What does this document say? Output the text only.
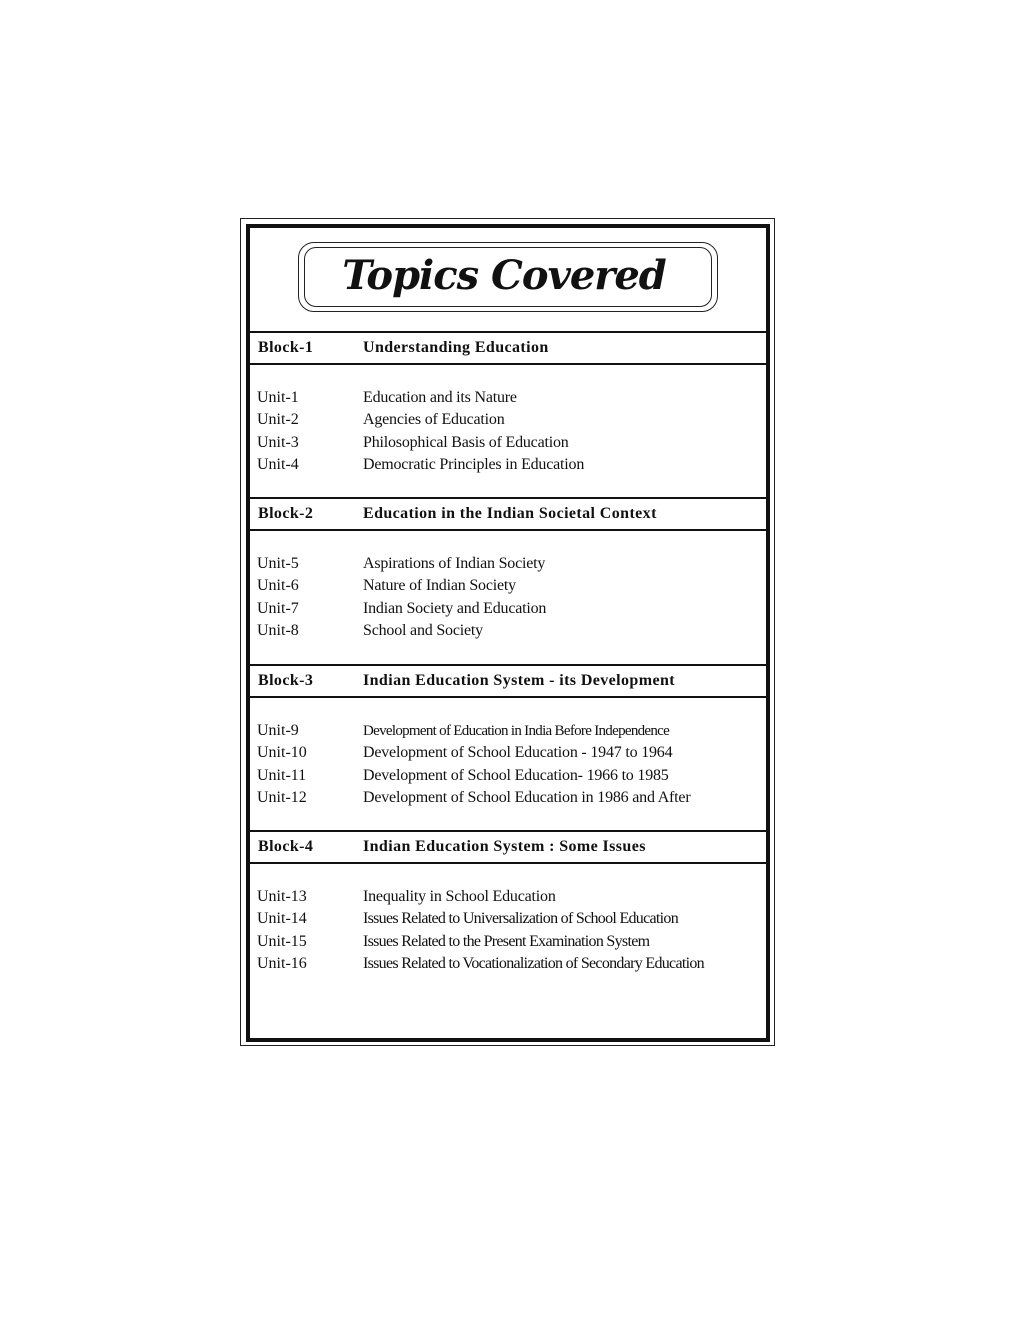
Topics Covered
Block-1	Understanding Education
Unit-1	Education and its Nature
Unit-2	Agencies of Education
Unit-3	Philosophical Basis of Education
Unit-4	Democratic Principles in Education
Block-2	Education in the Indian Societal Context
Unit-5	Aspirations of Indian Society
Unit-6	Nature of Indian Society
Unit-7	Indian Society and Education
Unit-8	School and Society
Block-3	Indian Education System - its Development
Unit-9	Development of Education in India Before Independence
Unit-10	Development of School Education - 1947 to 1964
Unit-11	Development of School Education- 1966 to 1985
Unit-12	Development of School Education in 1986 and After
Block-4	Indian Education System : Some Issues
Unit-13	Inequality in School Education
Unit-14	Issues Related to Universalization of School Education
Unit-15	Issues Related to the Present Examination System
Unit-16	Issues Related to Vocationalization of Secondary Education
